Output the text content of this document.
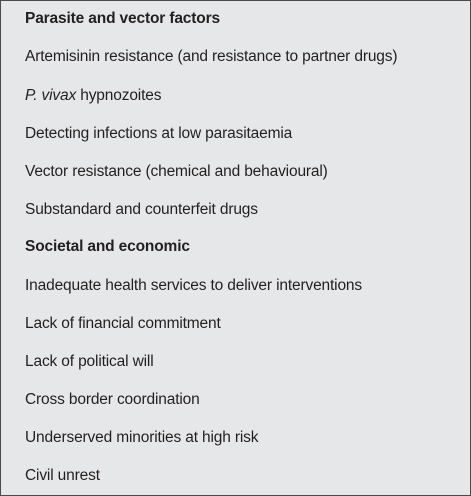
Parasite and vector factors
Artemisinin resistance (and resistance to partner drugs)
P. vivax hypnozoites
Detecting infections at low parasitaemia
Vector resistance (chemical and behavioural)
Substandard and counterfeit drugs
Societal and economic
Inadequate health services to deliver interventions
Lack of financial commitment
Lack of political will
Cross border coordination
Underserved minorities at high risk
Civil unrest
